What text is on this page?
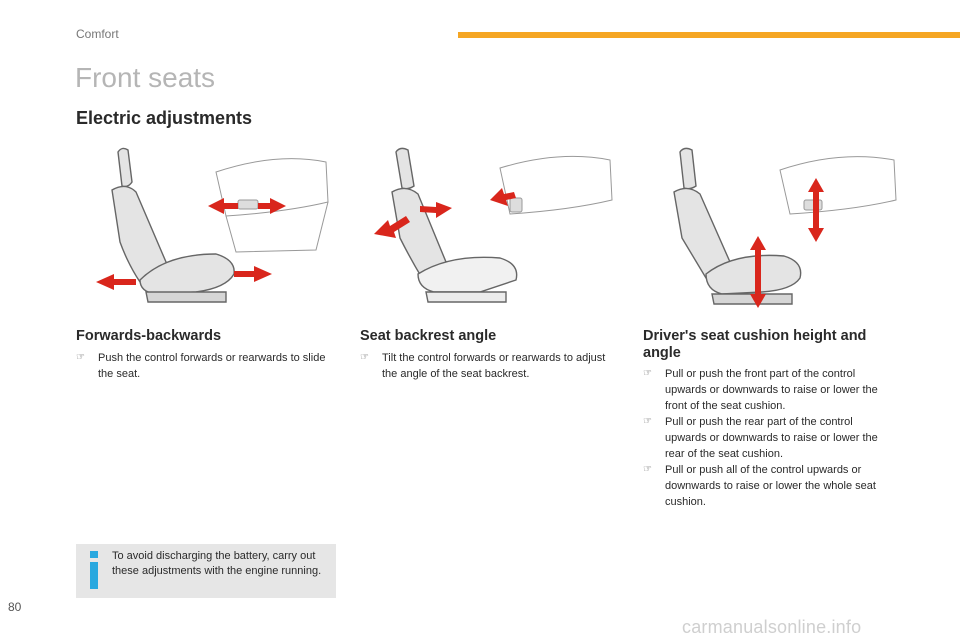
Comfort
Front seats
Electric adjustments
Forwards-backwards
☞ Push the control forwards or rearwards to slide the seat.
Seat backrest angle
☞ Tilt the control forwards or rearwards to adjust the angle of the seat backrest.
Driver's seat cushion height and angle
☞ Pull or push the front part of the control upwards or downwards to raise or lower the front of the seat cushion.
☞ Pull or push the rear part of the control upwards or downwards to raise or lower the rear of the seat cushion.
☞ Pull or push all of the control upwards or downwards to raise or lower the whole seat cushion.
To avoid discharging the battery, carry out these adjustments with the engine running.
80
carmanualsonline.info
